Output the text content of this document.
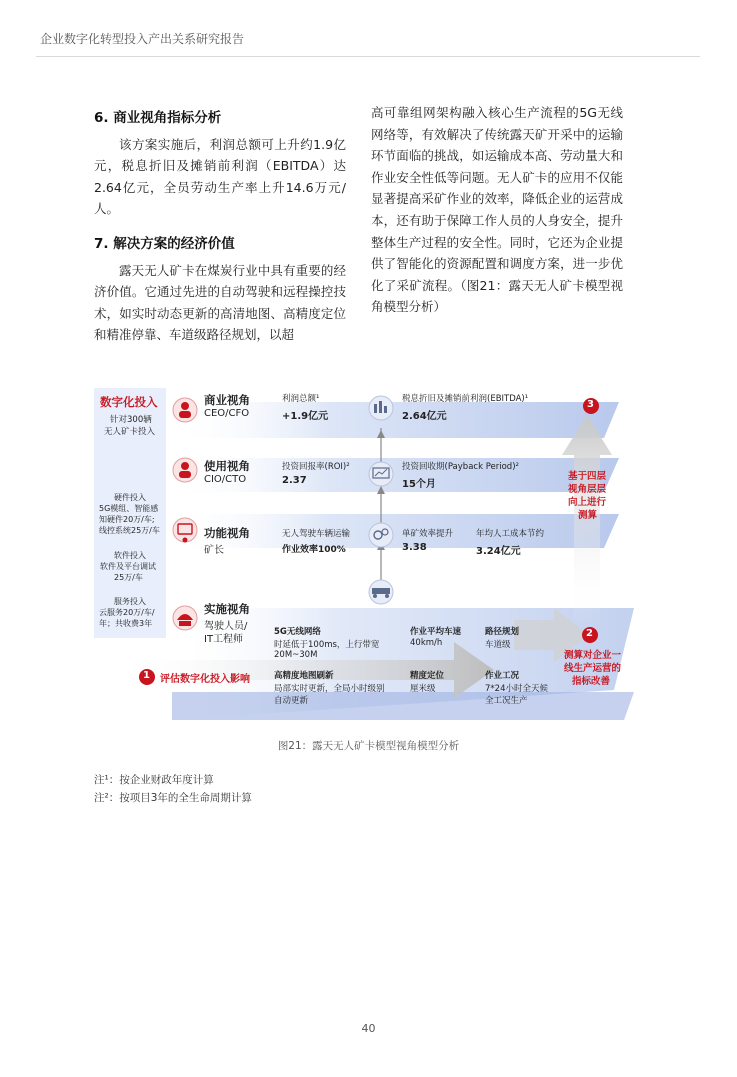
企业数字化转型投入产出关系研究报告
6. 商业视角指标分析

该方案实施后，利润总额可上升约1.9亿元，税息折旧及摊销前利润（EBITDA）达2.64亿元，全员劳动生产率上升14.6万元/人。

7. 解决方案的经济价值

露天无人矿卡在煤炭行业中具有重要的经济价值。它通过先进的自动驾驶和远程操控技术，如实时动态更新的高清地图、高精度定位和精准停靠、车道级路径规划，以超

高可靠组网架构融入核心生产流程的5G无线网络等，有效解决了传统露天矿开采中的运输环节面临的挑战，如运输成本高、劳动量大和作业安全性低等问题。无人矿卡的应用不仅能显著提高采矿作业的效率，降低企业的运营成本，还有助于保障工作人员的人身安全，提升整体生产过程的安全性。同时，它还为企业提供了智能化的资源配置和调度方案，进一步优化了采矿流程。（图21：露天无人矿卡模型视角模型分析）

数字化投入
针对300辆
无人矿卡投入
硬件投入
5G模组、智能感
知硬件20万/车;
线控系统25万/车
软件投入
软件及平台调试
25万/车
服务投入
云服务20万/车/
年；共收费3年
商业视角
CEO/CFO
利润总额¹
+1.9亿元
税息折旧及摊销前利润(EBITDA)¹
2.64亿元
使用视角
CIO/CTO
投资回报率(ROI)²
2.37
投资回收期(Payback Period)²
15个月
功能视角
矿长
无人驾驶车辆运输
作业效率100%
单矿效率提升
3.38
年均人工成本节约
3.24亿元
实施视角
驾驶人员/
IT工程师
5G无线网络
时延低于100ms，上行带宽
20M~30M
作业平均车速
40km/h
路径规划
车道级
高精度地图刷新
局部实时更新，全局小时级别
自动更新
精度定位
厘米级
作业工况
7*24小时全天候
全工况生产
1 评估数字化投入影响
2
测算对企业一
线生产运营的
指标改善
3
基于四层
视角层层
向上进行
测算
图21：露天无人矿卡模型视角模型分析
注¹：按企业财政年度计算
注²：按项目3年的全生命周期计算
40
